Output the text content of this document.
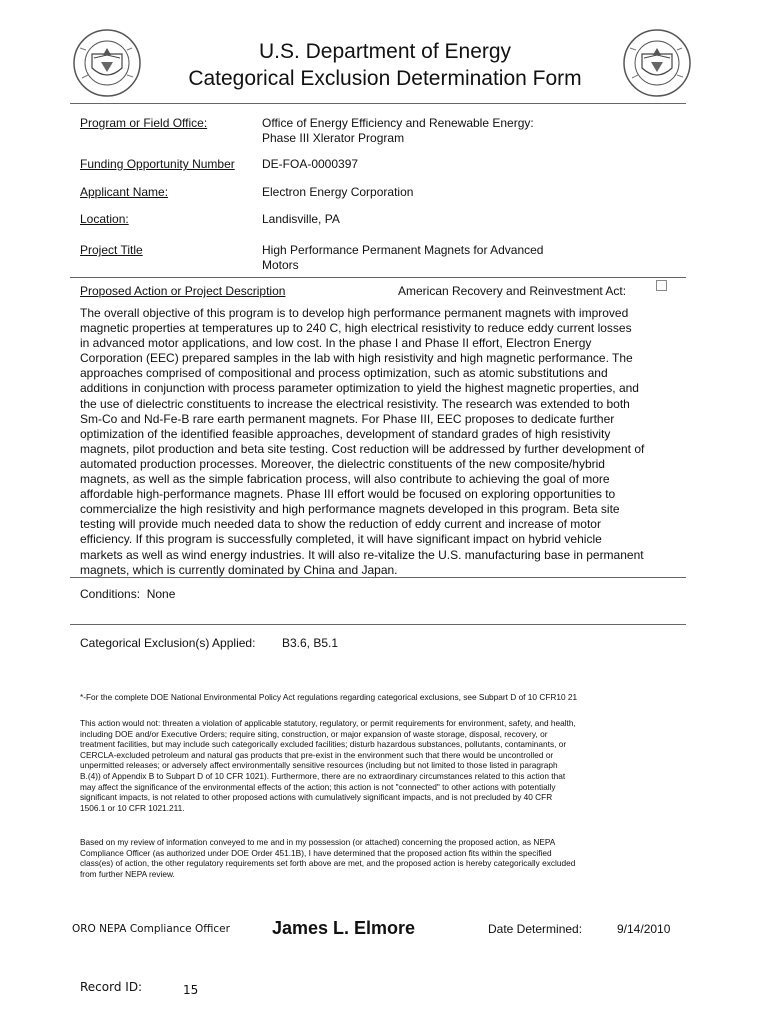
U.S. Department of Energy
Categorical Exclusion Determination Form
Program or Field Office:	Office of Energy Efficiency and Renewable Energy:
Phase III Xlerator Program
Funding Opportunity Number DE-FOA-0000397
Applicant Name:	Electron Energy Corporation
Location:	Landisville, PA
Project Title	High Performance Permanent Magnets for Advanced
Motors
Proposed Action or Project Description	American Recovery and Reinvestment Act:
The overall objective of this program is to develop high performance permanent magnets with improved
magnetic properties at temperatures up to 240 C, high electrical resistivity to reduce eddy current losses
in advanced motor applications, and low cost. In the phase I and Phase II effort, Electron Energy
Corporation (EEC) prepared samples in the lab with high resistivity and high magnetic performance. The
approaches comprised of compositional and process optimization, such as atomic substitutions and
additions in conjunction with process parameter optimization to yield the highest magnetic properties, and
the use of dielectric constituents to increase the electrical resistivity. The research was extended to both
Sm-Co and Nd-Fe-B rare earth permanent magnets. For Phase III, EEC proposes to dedicate further
optimization of the identified feasible approaches, development of standard grades of high resistivity
magnets, pilot production and beta site testing. Cost reduction will be addressed by further development of
automated production processes. Moreover, the dielectric constituents of the new composite/hybrid
magnets, as well as the simple fabrication process, will also contribute to achieving the goal of more
affordable high-performance magnets. Phase III effort would be focused on exploring opportunities to
commercialize the high resistivity and high performance magnets developed in this program. Beta site
testing will provide much needed data to show the reduction of eddy current and increase of motor
efficiency. If this program is successfully completed, it will have significant impact on hybrid vehicle
markets as well as wind energy industries. It will also re-vitalize the U.S. manufacturing base in permanent
magnets, which is currently dominated by China and Japan.
Conditions: None
Categorical Exclusion(s) Applied: B3.6, B5.1

*-For the complete DOE National Environmental Policy Act regulations regarding categorical exclusions, see Subpart D of 10 CFR10 21

This action would not: threaten a violation of applicable statutory, regulatory, or permit requirements for environment, safety, and health,
including DOE and/or Executive Orders; require siting, construction, or major expansion of waste storage, disposal, recovery, or
treatment facilities, but may include such categorically excluded facilities; disturb hazardous substances, pollutants, contaminants, or
CERCLA-excluded petroleum and natural gas products that pre-exist in the environment such that there would be uncontrolled or
unpermitted releases; or adversely affect environmentally sensitive resources (including but not limited to those listed in paragraph
B.(4)) of Appendix B to Subpart D of 10 CFR 1021). Furthermore, there are no extraordinary circumstances related to this action that
may affect the significance of the environmental effects of the action; this action is not "connected" to other actions with potentially
significant impacts, is not related to other proposed actions with cumulatively significant impacts, and is not precluded by 40 CFR
1506.1 or 10 CFR 1021.211.

Based on my review of information conveyed to me and in my possession (or attached) concerning the proposed action, as NEPA
Compliance Officer (as authorized under DOE Order 451.1B), I have determined that the proposed action fits within the specified
class(es) of action, the other regulatory requirements set forth above are met, and the proposed action is hereby categorically excluded
from further NEPA review.

ORO NEPA Compliance Officer James L. Elmore	Date Determined:	9/14/2010
Record ID:	15
